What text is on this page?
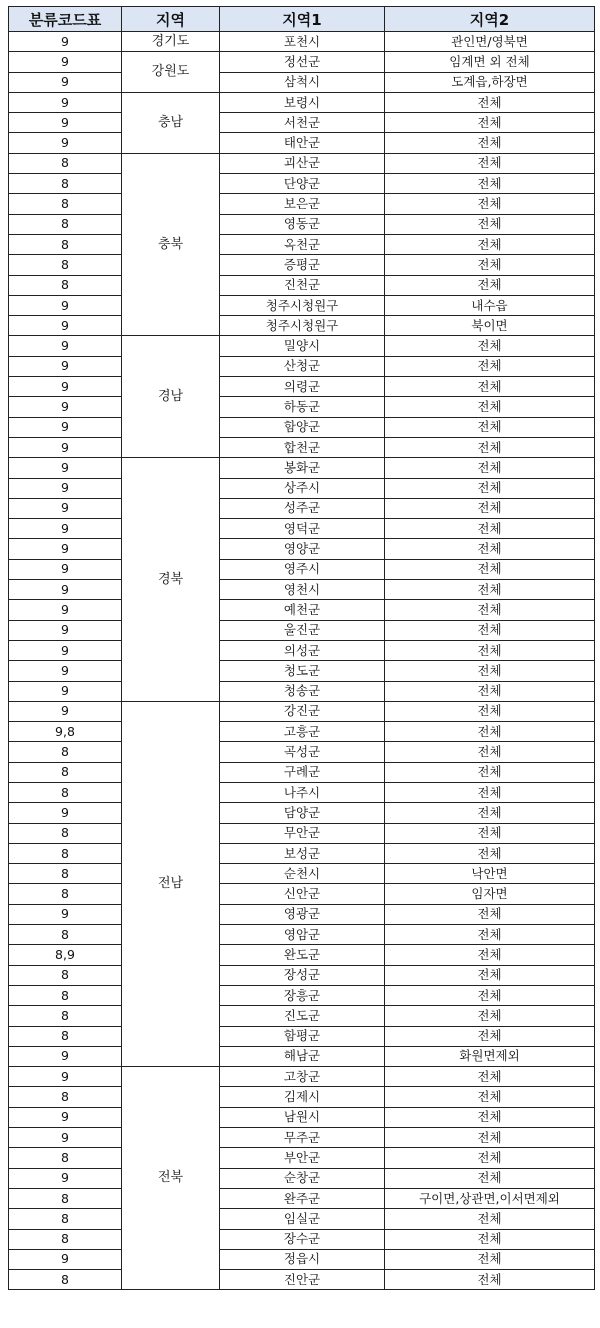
분류코드표	지역	지역1	지역2
9	경기도	포천시	관인면/영북면
9	강원도	정선군	임계면 외 전체
9		삼척시	도계읍,하장면
9	충남	보령시	전체
9		서천군	전체
9		태안군	전체
8	충북	괴산군	전체
8		단양군	전체
8		보은군	전체
8		영동군	전체
8		옥천군	전체
8		증평군	전체
8		진천군	전체
9		청주시청원구	내수읍
9		청주시청원구	북이면
9	경남	밀양시	전체
9		산청군	전체
9		의령군	전체
9		하동군	전체
9		함양군	전체
9		합천군	전체
9	경북	봉화군	전체
9		상주시	전체
9		성주군	전체
9		영덕군	전체
9		영양군	전체
9		영주시	전체
9		영천시	전체
9		예천군	전체
9		울진군	전체
9		의성군	전체
9		청도군	전체
9		청송군	전체
9	전남	강진군	전체
9,8		고흥군	전체
8		곡성군	전체
8		구례군	전체
8		나주시	전체
9		담양군	전체
8		무안군	전체
8		보성군	전체
8		순천시	낙안면
8		신안군	임자면
9		영광군	전체
8		영암군	전체
8,9		완도군	전체
8		장성군	전체
8		장흥군	전체
8		진도군	전체
8		함평군	전체
9		해남군	화원면제외
9	전북	고창군	전체
8		김제시	전체
9		남원시	전체
9		무주군	전체
8		부안군	전체
9		순창군	전체
8		완주군	구이면,상관면,이서면제외
8		임실군	전체
8		장수군	전체
9		정읍시	전체
8		진안군	전체
